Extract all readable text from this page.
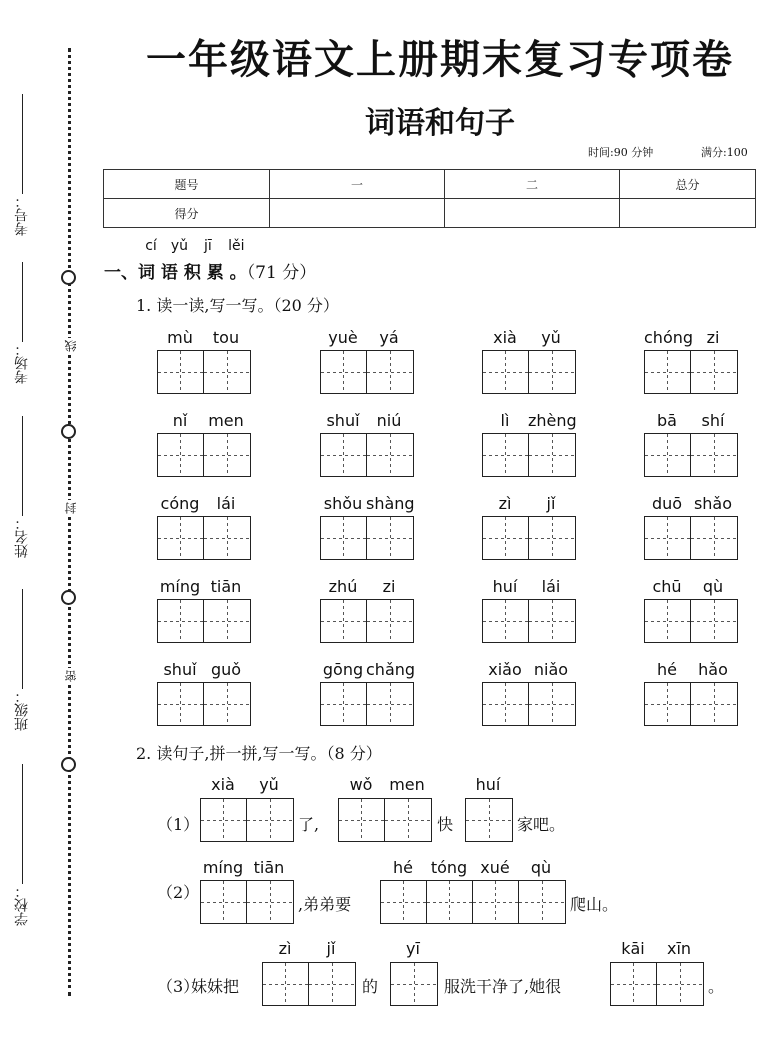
线
封
密
考号：
考场：
姓名：
班级：
学校：
一年级语文上册期末复习专项卷
词语和句子
时间:90 分钟	满分:100
题号	一	二	总分
得分			
cí yǔ jī lěi
一、词 语 积 累 。（71 分）
1. 读一读,写一写。（20 分）
mù tou	yuè yá	xià yǔ	chóng zi
nǐ men	shuǐ niú	lì zhèng	bā shí
cóng lái	shǒu shàng	zì jǐ	duō shǎo
míng tiān	zhú zi	huí lái	chū qù
shuǐ guǒ	gōng chǎng	xiǎo niǎo	hé hǎo
2. 读句子,拼一拼,写一写。（8 分）
（1）
xià yǔ
了,
wǒ men
快
huí
家吧。
（2）
míng tiān
,弟弟要
hé tóng xué qù
爬山。
（3）
妹妹把
zì jǐ
的
yī
服洗干净了,她很
kāi xīn
。
